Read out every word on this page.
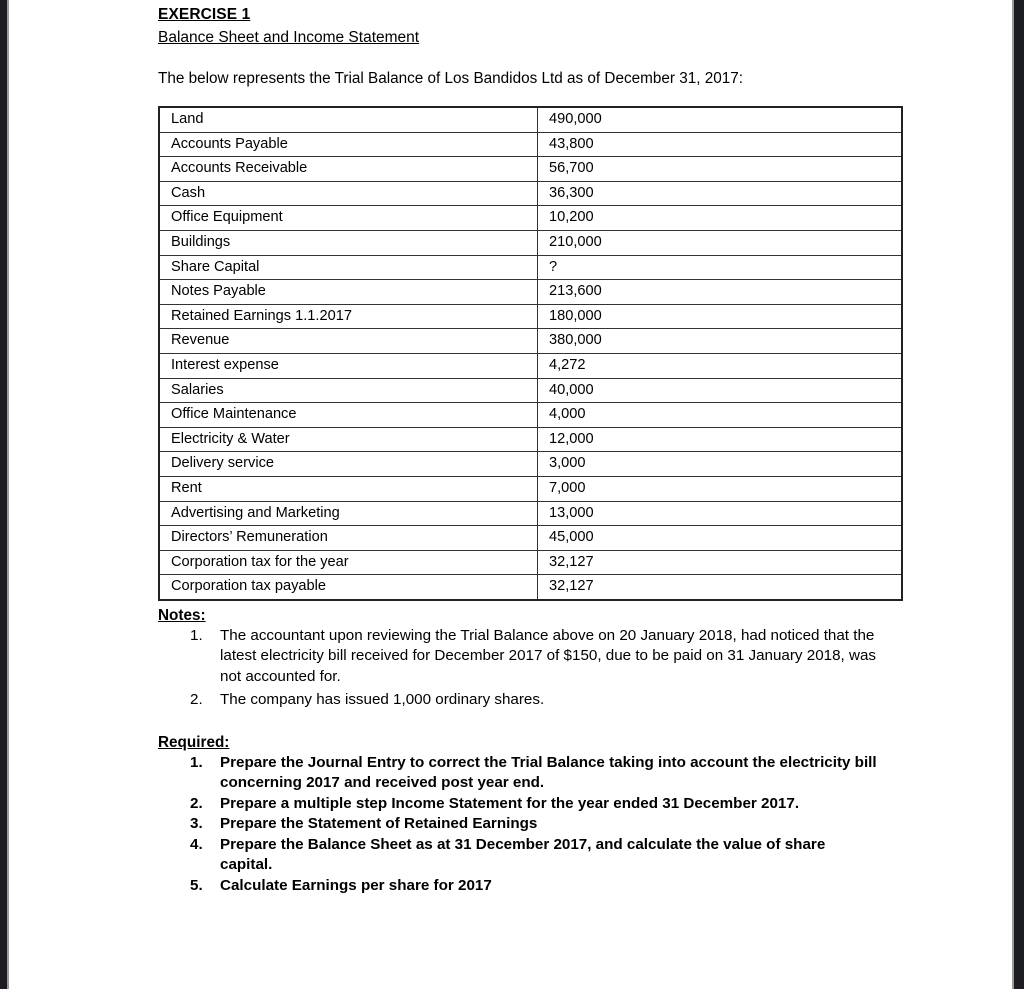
EXERCISE 1
Balance Sheet and Income Statement
The below represents the Trial Balance of Los Bandidos Ltd as of December 31, 2017:
Land	490,000
Accounts Payable	43,800
Accounts Receivable	56,700
Cash	36,300
Office Equipment	10,200
Buildings	210,000
Share Capital	?
Notes Payable	213,600
Retained Earnings 1.1.2017	180,000
Revenue	380,000
Interest expense	4,272
Salaries	40,000
Office Maintenance	4,000
Electricity & Water	12,000
Delivery service	3,000
Rent	7,000
Advertising and Marketing	13,000
Directors’ Remuneration	45,000
Corporation tax for the year	32,127
Corporation tax payable	32,127
Notes:
1.	The accountant upon reviewing the Trial Balance above on 20 January 2018, had noticed that the latest electricity bill received for December 2017 of $150, due to be paid on 31 January 2018, was not accounted for.
2.	The company has issued 1,000 ordinary shares.
Required:
1.	Prepare the Journal Entry to correct the Trial Balance taking into account the electricity bill concerning 2017 and received post year end.
2.	Prepare a multiple step Income Statement for the year ended 31 December 2017.
3.	Prepare the Statement of Retained Earnings
4.	Prepare the Balance Sheet as at 31 December 2017, and calculate the value of share capital.
5.	Calculate Earnings per share for 2017
